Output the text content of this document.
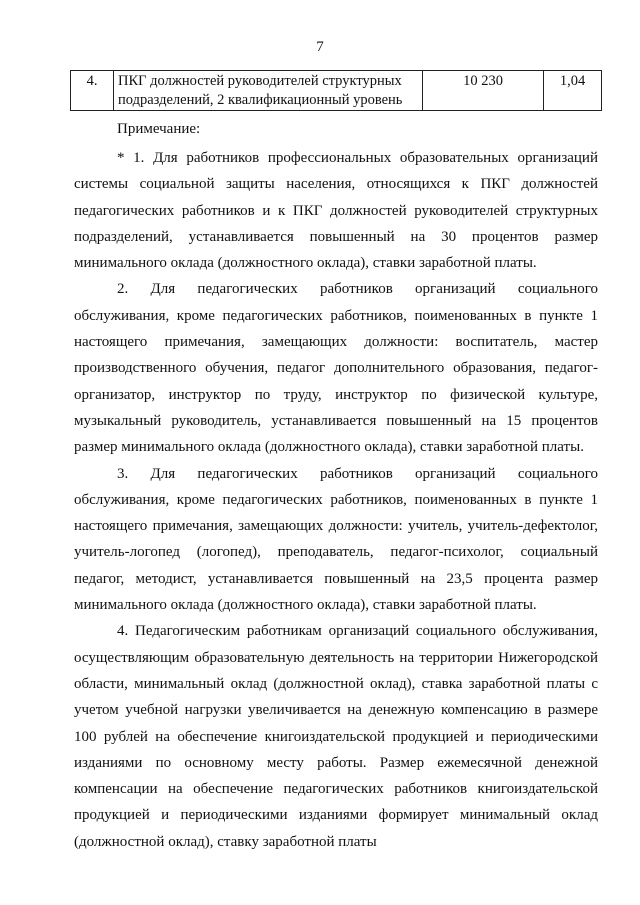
7
4.	ПКГ должностей руководителей структурных подразделений, 2 квалификационный уровень	10 230	1,04
Примечание:

* 1. Для работников профессиональных образовательных организаций системы социальной защиты населения, относящихся к ПКГ должностей педагогических работников и к ПКГ должностей руководителей структурных подразделений, устанавливается повышенный на 30 процентов размер минимального оклада (должностного оклада), ставки заработной платы.

2. Для педагогических работников организаций социального обслуживания, кроме педагогических работников, поименованных в пункте 1 настоящего примечания, замещающих должности: воспитатель, мастер производственного обучения, педагог дополнительного образования, педагог-организатор, инструктор по труду, инструктор по физической культуре, музыкальный руководитель, устанавливается повышенный на 15 процентов размер минимального оклада (должностного оклада), ставки заработной платы.

3. Для педагогических работников организаций социального обслуживания, кроме педагогических работников, поименованных в пункте 1 настоящего примечания, замещающих должности: учитель, учитель-дефектолог, учитель-логопед (логопед), преподаватель, педагог-психолог, социальный педагог, методист, устанавливается повышенный на 23,5 процента размер минимального оклада (должностного оклада), ставки заработной платы.

4. Педагогическим работникам организаций социального обслуживания, осуществляющим образовательную деятельность на территории Нижегородской области, минимальный оклад (должностной оклад), ставка заработной платы с учетом учебной нагрузки увеличивается на денежную компенсацию в размере 100 рублей на обеспечение книгоиздательской продукцией и периодическими изданиями по основному месту работы. Размер ежемесячной денежной компенсации на обеспечение педагогических работников книгоиздательской продукцией и периодическими изданиями формирует минимальный оклад (должностной оклад), ставку заработной платы
